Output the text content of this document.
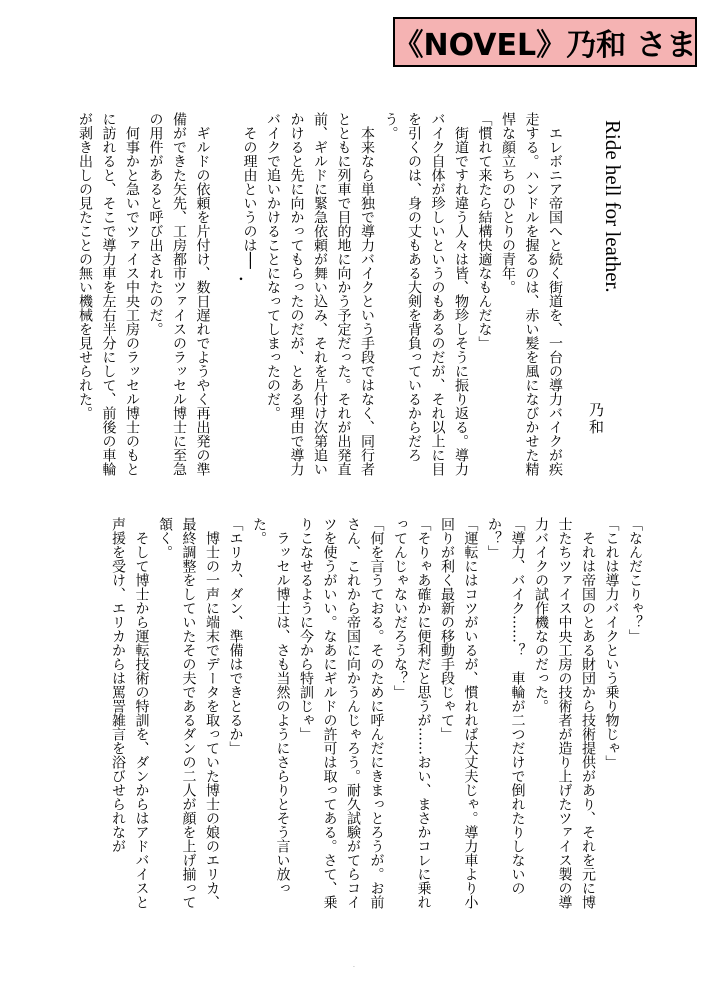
《NOVEL》乃和 さま
Ride hell for leather.
乃和

　エレボニア帝国へと続く街道を、一台の導力バイクが疾走する。ハンドルを握るのは、赤い髪を風になびかせた精悍な顔立ちのひとりの青年。

「慣れて来たら結構快適なもんだな」

　街道ですれ違う人々は皆、物珍しそうに振り返る。導力バイク自体が珍しいというのもあるのだが、それ以上に目を引くのは、身の丈もある大剣を背負っているからだろう。

　本来なら単独で導力バイクという手段ではなく、同行者とともに列車で目的地に向かう予定だった。それが出発直前、ギルドに緊急依頼が舞い込み、それを片付け次第追いかけると先に向かってもらったのだが、とある理由で導力バイクで追いかけることになってしまったのだ。

　その理由というのは──

　ギルドの依頼を片付け、数日遅れでようやく再出発の準備ができた矢先、工房都市ツァイスのラッセル博士に至急の用件があると呼び出されたのだ。

　何事かと急いでツァイス中央工房のラッセル博士のもとに訪れると、そこで導力車を左右半分にして、前後の車輪が剥き出しの見たことの無い機械を見せられた。	・

「なんだこりゃ？」

「これは導力バイクという乗り物じゃ」

　それは帝国のとある財団から技術提供があり、それを元に博士たちツァイス中央工房の技術者が造り上げたツァイス製の導力バイクの試作機なのだった。

「導力、バイク……？　車輪が二つだけで倒れたりしないのか？」

「運転にはコツがいるが、慣れれば大丈夫じゃ。導力車より小回りが利く最新の移動手段じゃて」

「そりゃあ確かに便利だと思うが……おい、まさかコレに乗れってんじゃないだろうな？」

「何を言うておる。そのために呼んだにきまっとろうが。お前さん、これから帝国に向かうんじゃろう。耐久試験がてらコイツを使うがいい。なあにギルドの許可は取ってある。さて、乗りこなせるように今から特訓じゃ」

　ラッセル博士は、さも当然のようにさらりとそう言い放った。

「エリカ、ダン、準備はできとるか」

　博士の一声に端末でデータを取っていた博士の娘のエリカ、最終調整をしていたその夫であるダンの二人が顔を上げ揃って頷く。

　そして博士から運転技術の特訓を、ダンからはアドバイスと声援を受け、エリカからは罵詈雑言を浴びせられなが

.
